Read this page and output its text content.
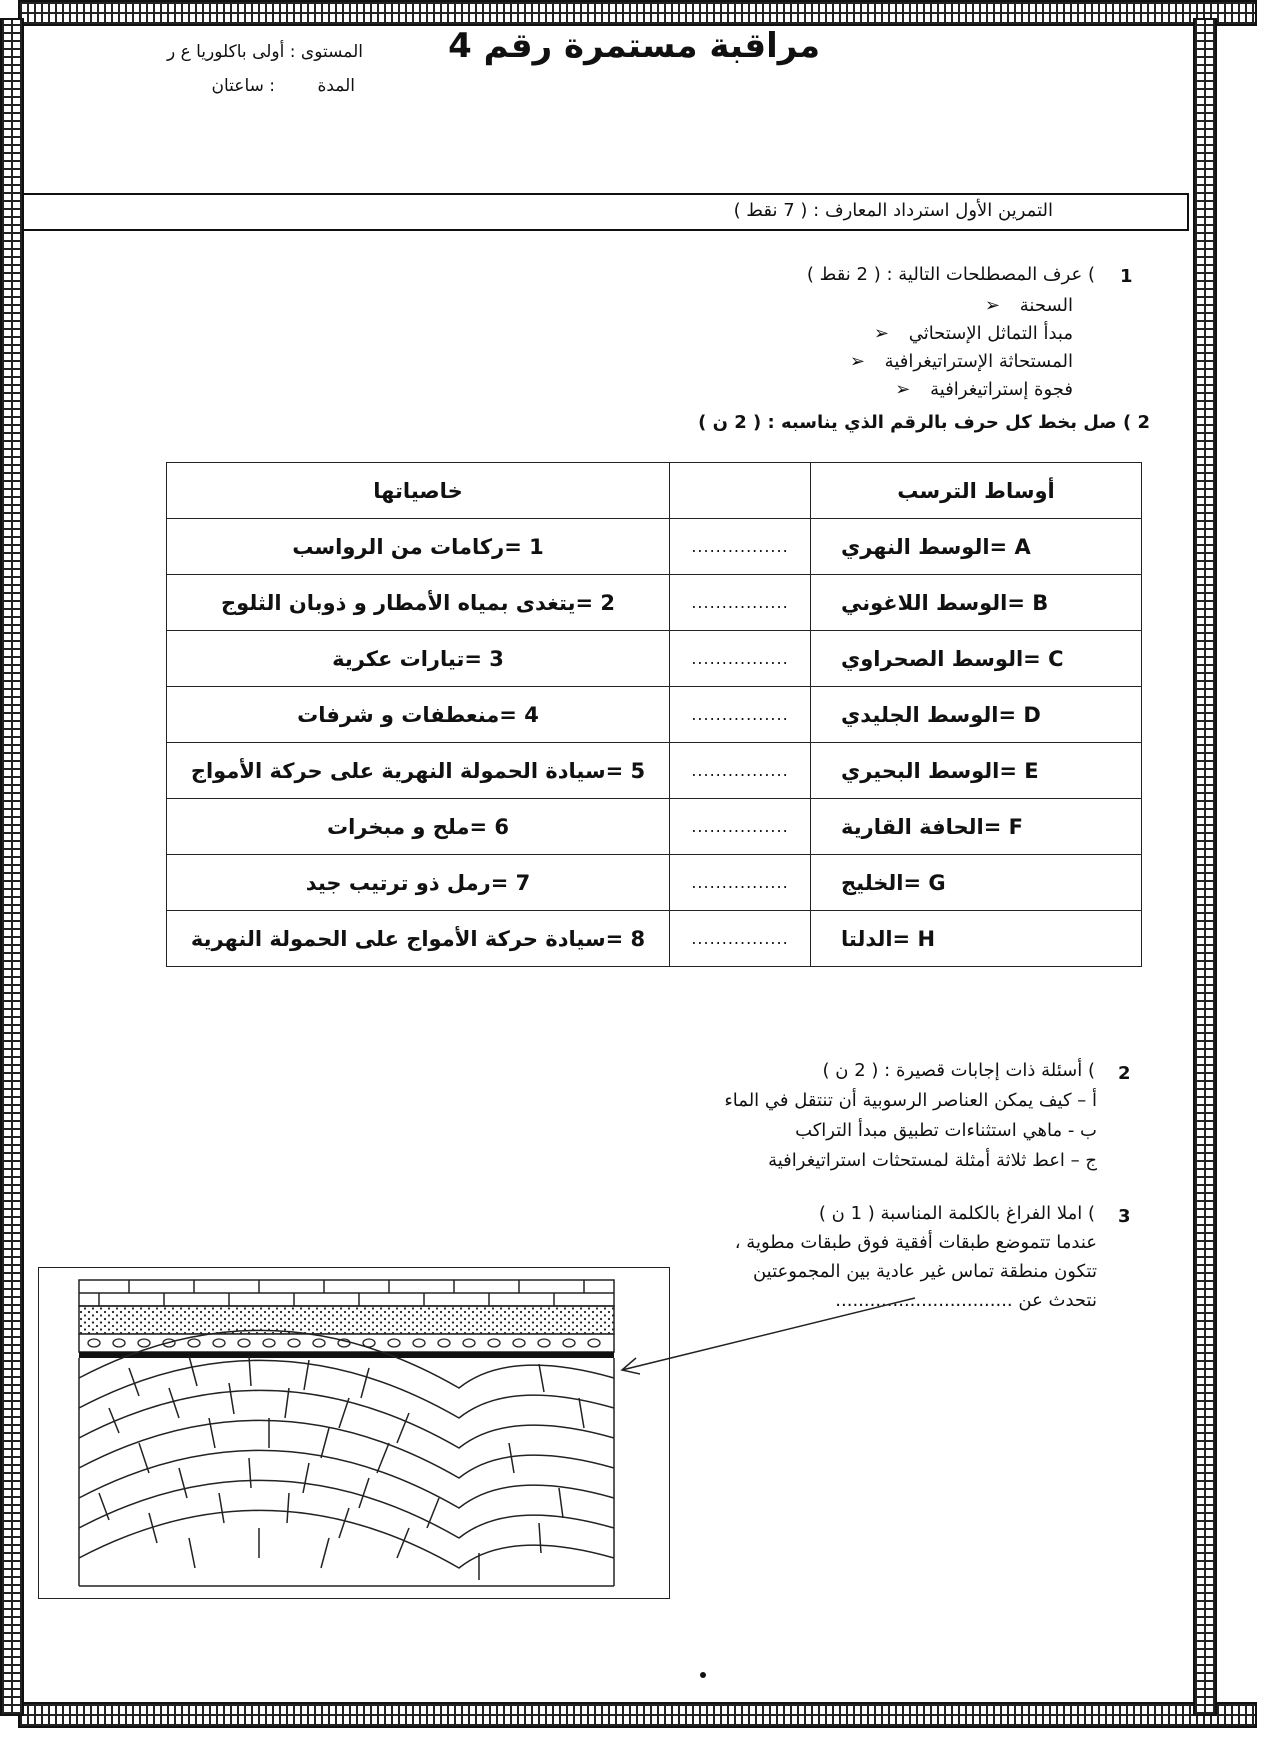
مراقبة مستمرة رقم 4
المستوى : أولى باكلوريا ع ر
المدة
: ساعتان
التمرين الأول استرداد المعارف : ( 7 نقط )
1
) عرف المصطلحات التالية : ( 2 نقط )
السحنة ➢
مبدأ التماثل الإستحاثي ➢
المستحاثة الإستراتيغرافية ➢
فجوة إستراتيغرافية ➢
2 ) صل بخط كل حرف بالرقم الذي يناسبه : ( 2 ن )
أوساط الترسب		خاصياتها
A =الوسط النهري	................	1 =ركامات من الرواسب
B =الوسط اللاغوني	................	2 =يتغدى بمياه الأمطار و ذوبان الثلوج
C =الوسط الصحراوي	................	3 =تيارات عكرية
D =الوسط الجليدي	................	4 =منعطفات و شرفات
E =الوسط البحيري	................	5 =سيادة الحمولة النهرية على حركة الأمواج
F =الحافة القارية	................	6 =ملح و مبخرات
G =الخليج	................	7 =رمل ذو ترتيب جيد
H =الدلتا	................	8 =سيادة حركة الأمواج على الحمولة النهرية
2
) أسئلة ذات إجابات قصيرة : ( 2 ن )
أ – كيف يمكن العناصر الرسوبية أن تنتقل في الماء
ب - ماهي استثناءات تطبيق مبدأ التراكب
ج – اعط ثلاثة أمثلة لمستحثات استراتيغرافية
3
) املا الفراغ بالكلمة المناسبة ( 1 ن )
عندما تتموضع طبقات أفقية فوق طبقات مطوية ،
تتكون منطقة تماس غير عادية بين المجموعتين
نتحدث عن ...............................
